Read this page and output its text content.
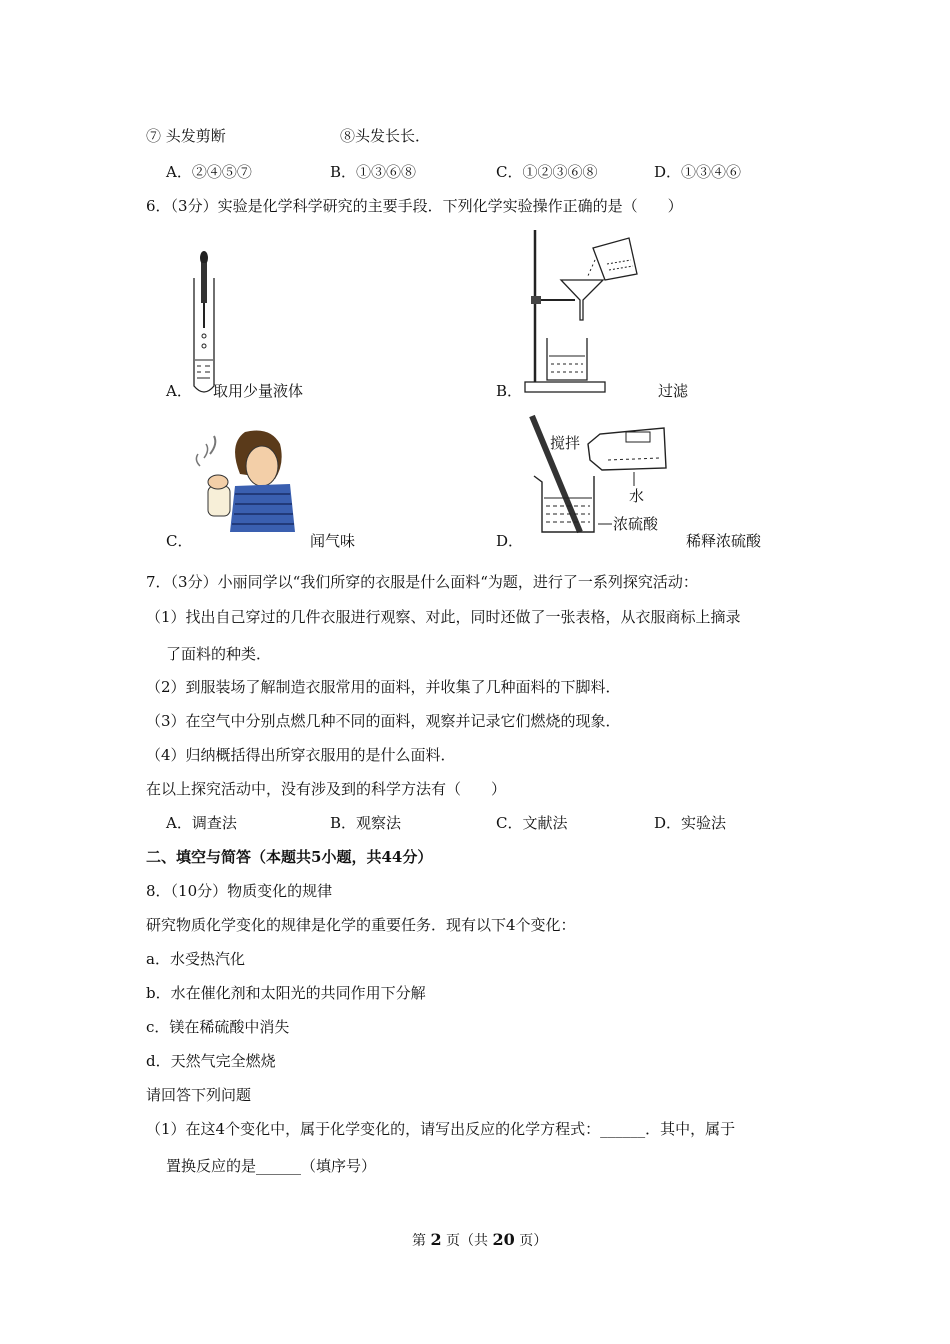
⑦ 头发剪断	⑧头发长长．
A．②④⑤⑦	B．①③⑥⑧	C．①②③⑥⑧	D．①③④⑥
6．（3分）实验是化学科学研究的主要手段．下列化学实验操作正确的是（　　）
A． 取用少量液体	B．	过滤
C．	闻气味
搅拌
水
浓硫酸
D．	稀释浓硫酸
7．（3分）小丽同学以“我们所穿的衣服是什么面料“为题，进行了一系列探究活动：
（1）找出自己穿过的几件衣服进行观察、对此，同时还做了一张表格，从衣服商标上摘录
了面料的种类．
（2）到服装场了解制造衣服常用的面料，并收集了几种面料的下脚料．
（3）在空气中分别点燃几种不同的面料，观察并记录它们燃烧的现象．
（4）归纳概括得出所穿衣服用的是什么面料．
在以上探究活动中，没有涉及到的科学方法有（　　）
A．调查法	B．观察法	C．文献法	D．实验法
二、填空与简答（本题共5小题，共44分）
8．（10分）物质变化的规律
研究物质化学变化的规律是化学的重要任务．现有以下4个变化：
a．水受热汽化
b．水在催化剂和太阳光的共同作用下分解
c．镁在稀硫酸中消失
d．天然气完全燃烧
请回答下列问题
（1）在这4个变化中，属于化学变化的，请写出反应的化学方程式：______．其中，属于
置换反应的是______（填序号）
第 2 页（共 20 页）
